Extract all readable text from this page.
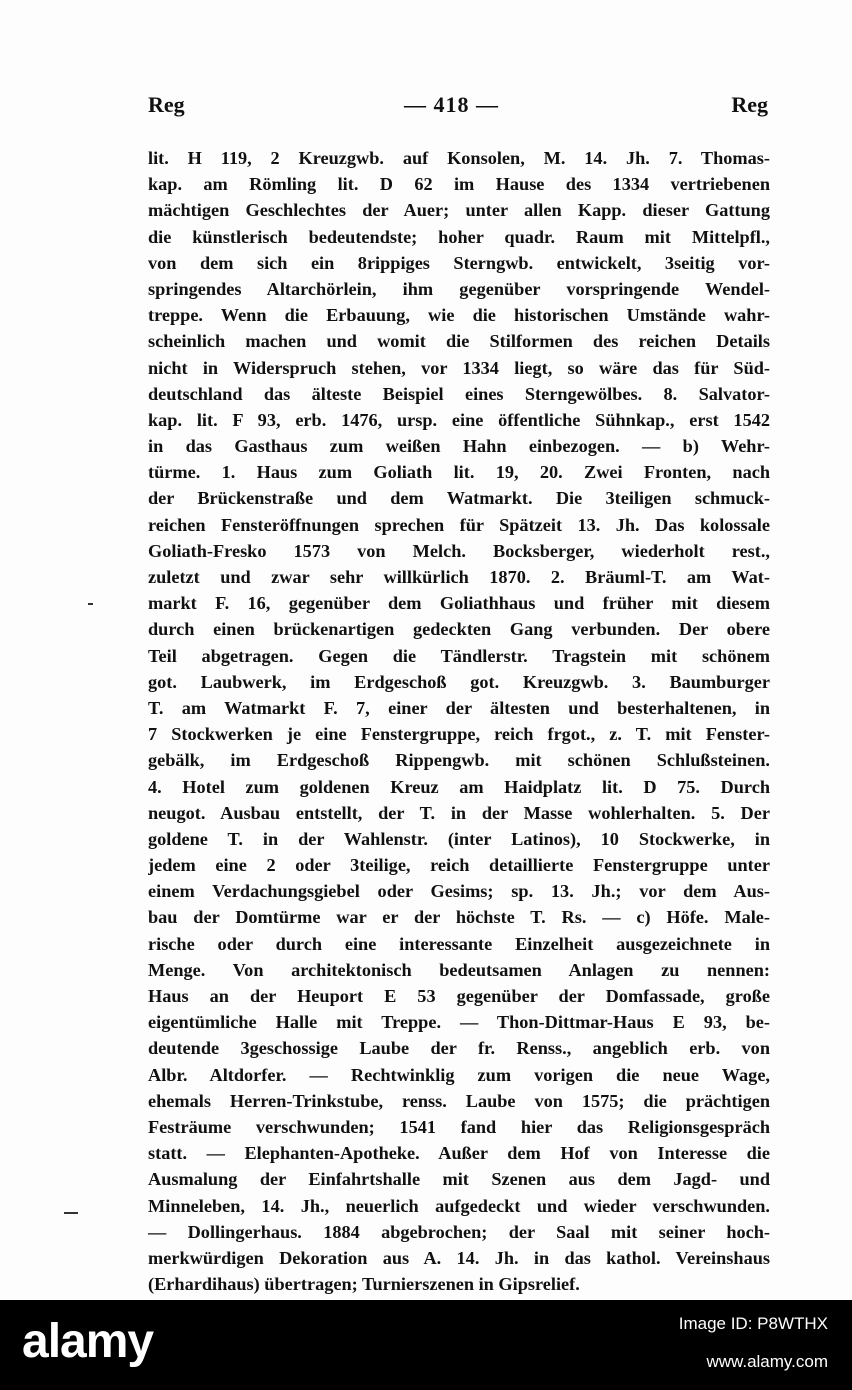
Reg	— 418 —	Reg
lit. H 119, 2 Kreuzgwb. auf Konsolen, M. 14. Jh. 7. Thomas-
kap. am Römling lit. D 62 im Hause des 1334 vertriebenen
mächtigen Geschlechtes der Auer; unter allen Kapp. dieser Gattung
die künstlerisch bedeutendste; hoher quadr. Raum mit Mittelpfl.,
von dem sich ein 8rippiges Sterngwb. entwickelt, 3seitig vor-
springendes Altarchörlein, ihm gegenüber vorspringende Wendel-
treppe. Wenn die Erbauung, wie die historischen Umstände wahr-
scheinlich machen und womit die Stilformen des reichen Details
nicht in Widerspruch stehen, vor 1334 liegt, so wäre das für Süd-
deutschland das älteste Beispiel eines Sterngewölbes. 8. Salvator-
kap. lit. F 93, erb. 1476, ursp. eine öffentliche Sühnkap., erst 1542
in das Gasthaus zum weißen Hahn einbezogen. — b) Wehr-
türme. 1. Haus zum Goliath lit. 19, 20. Zwei Fronten, nach
der Brückenstraße und dem Watmarkt. Die 3teiligen schmuck-
reichen Fensteröffnungen sprechen für Spätzeit 13. Jh. Das kolossale
Goliath-Fresko 1573 von Melch. Bocksberger, wiederholt rest.,
zuletzt und zwar sehr willkürlich 1870. 2. Bräuml-T. am Wat-
markt F. 16, gegenüber dem Goliathhaus und früher mit diesem
durch einen brückenartigen gedeckten Gang verbunden. Der obere
Teil abgetragen. Gegen die Tändlerstr. Tragstein mit schönem
got. Laubwerk, im Erdgeschoß got. Kreuzgwb. 3. Baumburger
T. am Watmarkt F. 7, einer der ältesten und besterhaltenen, in
7 Stockwerken je eine Fenstergruppe, reich frgot., z. T. mit Fenster-
gebälk, im Erdgeschoß Rippengwb. mit schönen Schlußsteinen.
4. Hotel zum goldenen Kreuz am Haidplatz lit. D 75. Durch
neugot. Ausbau entstellt, der T. in der Masse wohlerhalten. 5. Der
goldene T. in der Wahlenstr. (inter Latinos), 10 Stockwerke, in
jedem eine 2 oder 3teilige, reich detaillierte Fenstergruppe unter
einem Verdachungsgiebel oder Gesims; sp. 13. Jh.; vor dem Aus-
bau der Domtürme war er der höchste T. Rs. — c) Höfe. Male-
rische oder durch eine interessante Einzelheit ausgezeichnete in
Menge. Von architektonisch bedeutsamen Anlagen zu nennen:
Haus an der Heuport E 53 gegenüber der Domfassade, große
eigentümliche Halle mit Treppe. — Thon-Dittmar-Haus E 93, be-
deutende 3geschossige Laube der fr. Renss., angeblich erb. von
Albr. Altdorfer. — Rechtwinklig zum vorigen die neue Wage,
ehemals Herren-Trinkstube, renss. Laube von 1575; die prächtigen
Festräume verschwunden; 1541 fand hier das Religionsgespräch
statt. — Elephanten-Apotheke. Außer dem Hof von Interesse die
Ausmalung der Einfahrtshalle mit Szenen aus dem Jagd- und
Minneleben, 14. Jh., neuerlich aufgedeckt und wieder verschwunden.
— Dollingerhaus. 1884 abgebrochen; der Saal mit seiner hoch-
merkwürdigen Dekoration aus A. 14. Jh. in das kathol. Vereinshaus
(Erhardihaus) übertragen; Turnierszenen in Gipsrelief.
alamy	Image ID: P8WTHX
www.alamy.com
